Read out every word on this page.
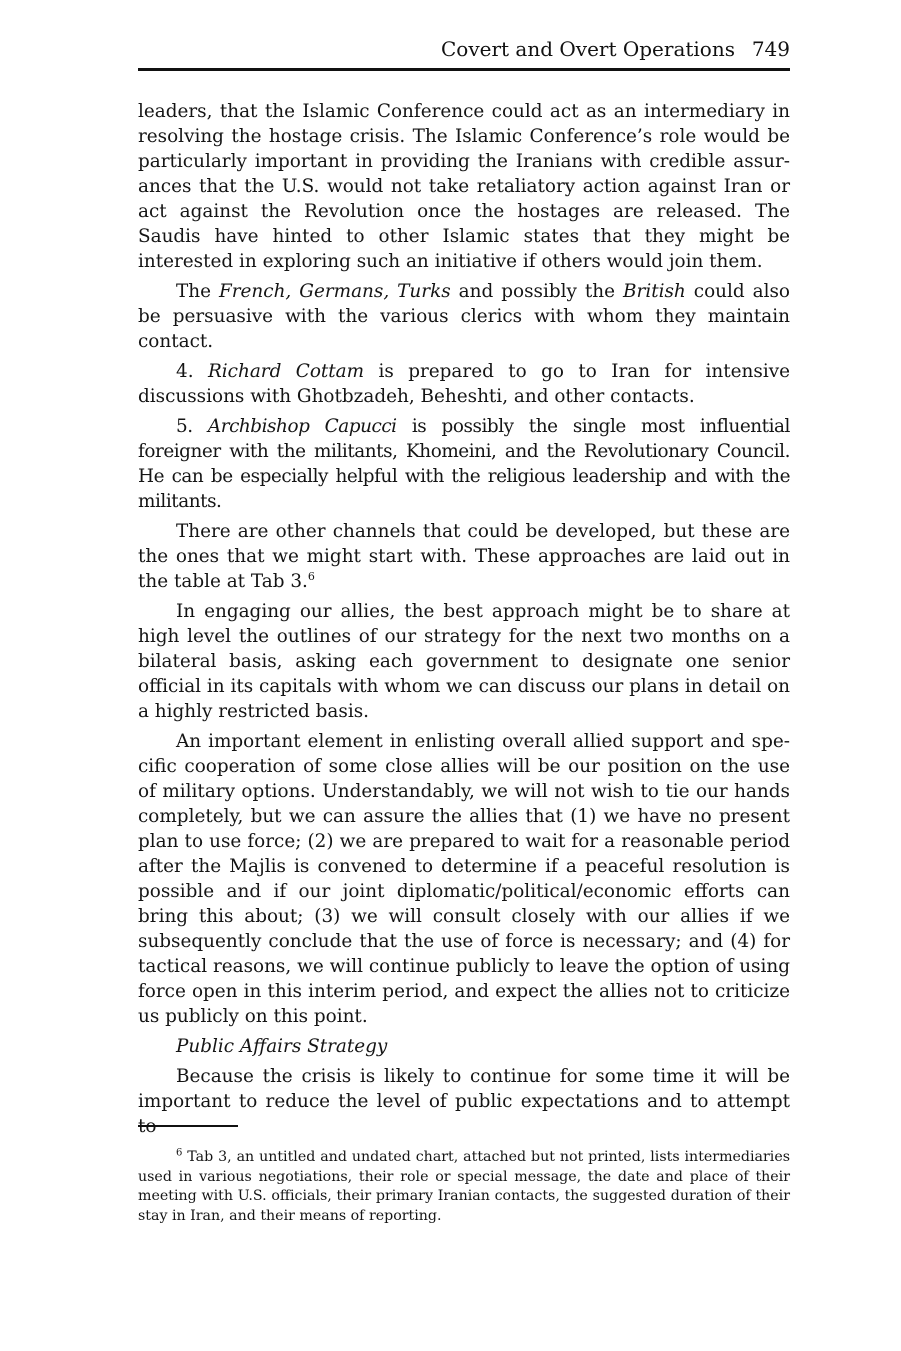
Covert and Overt Operations 749

leaders, that the Islamic Conference could act as an intermediary in resolving the hostage crisis. The Islamic Conference’s role would be particularly important in providing the Iranians with credible assurances that the U.S. would not take retaliatory action against Iran or act against the Revolution once the hostages are released. The Saudis have hinted to other Islamic states that they might be interested in exploring such an initiative if others would join them.

The French, Germans, Turks and possibly the British could also be persuasive with the various clerics with whom they maintain contact.

4. Richard Cottam is prepared to go to Iran for intensive discussions with Ghotbzadeh, Beheshti, and other contacts.

5. Archbishop Capucci is possibly the single most influential foreigner with the militants, Khomeini, and the Revolutionary Council. He can be especially helpful with the religious leadership and with the militants.

There are other channels that could be developed, but these are the ones that we might start with. These approaches are laid out in the table at Tab 3.$^6$

In engaging our allies, the best approach might be to share at high level the outlines of our strategy for the next two months on a bilateral basis, asking each government to designate one senior official in its capitals with whom we can discuss our plans in detail on a highly restricted basis.

An important element in enlisting overall allied support and specific cooperation of some close allies will be our position on the use of military options. Understandably, we will not wish to tie our hands completely, but we can assure the allies that (1) we have no present plan to use force; (2) we are prepared to wait for a reasonable period after the Majlis is convened to determine if a peaceful resolution is possible and if our joint diplomatic/political/economic efforts can bring this about; (3) we will consult closely with our allies if we subsequently conclude that the use of force is necessary; and (4) for tactical reasons, we will continue publicly to leave the option of using force open in this interim period, and expect the allies not to criticize us publicly on this point.

Public Affairs Strategy

Because the crisis is likely to continue for some time it will be important to reduce the level of public expectations and to attempt

$^6$ Tab 3, an untitled and undated chart, attached but not printed, lists intermediaries used in various negotiations, their role or special message, the date and place of their meeting with U.S. officials, their primary Iranian contacts, the suggested duration of their stay in Iran, and their means of reporting.
